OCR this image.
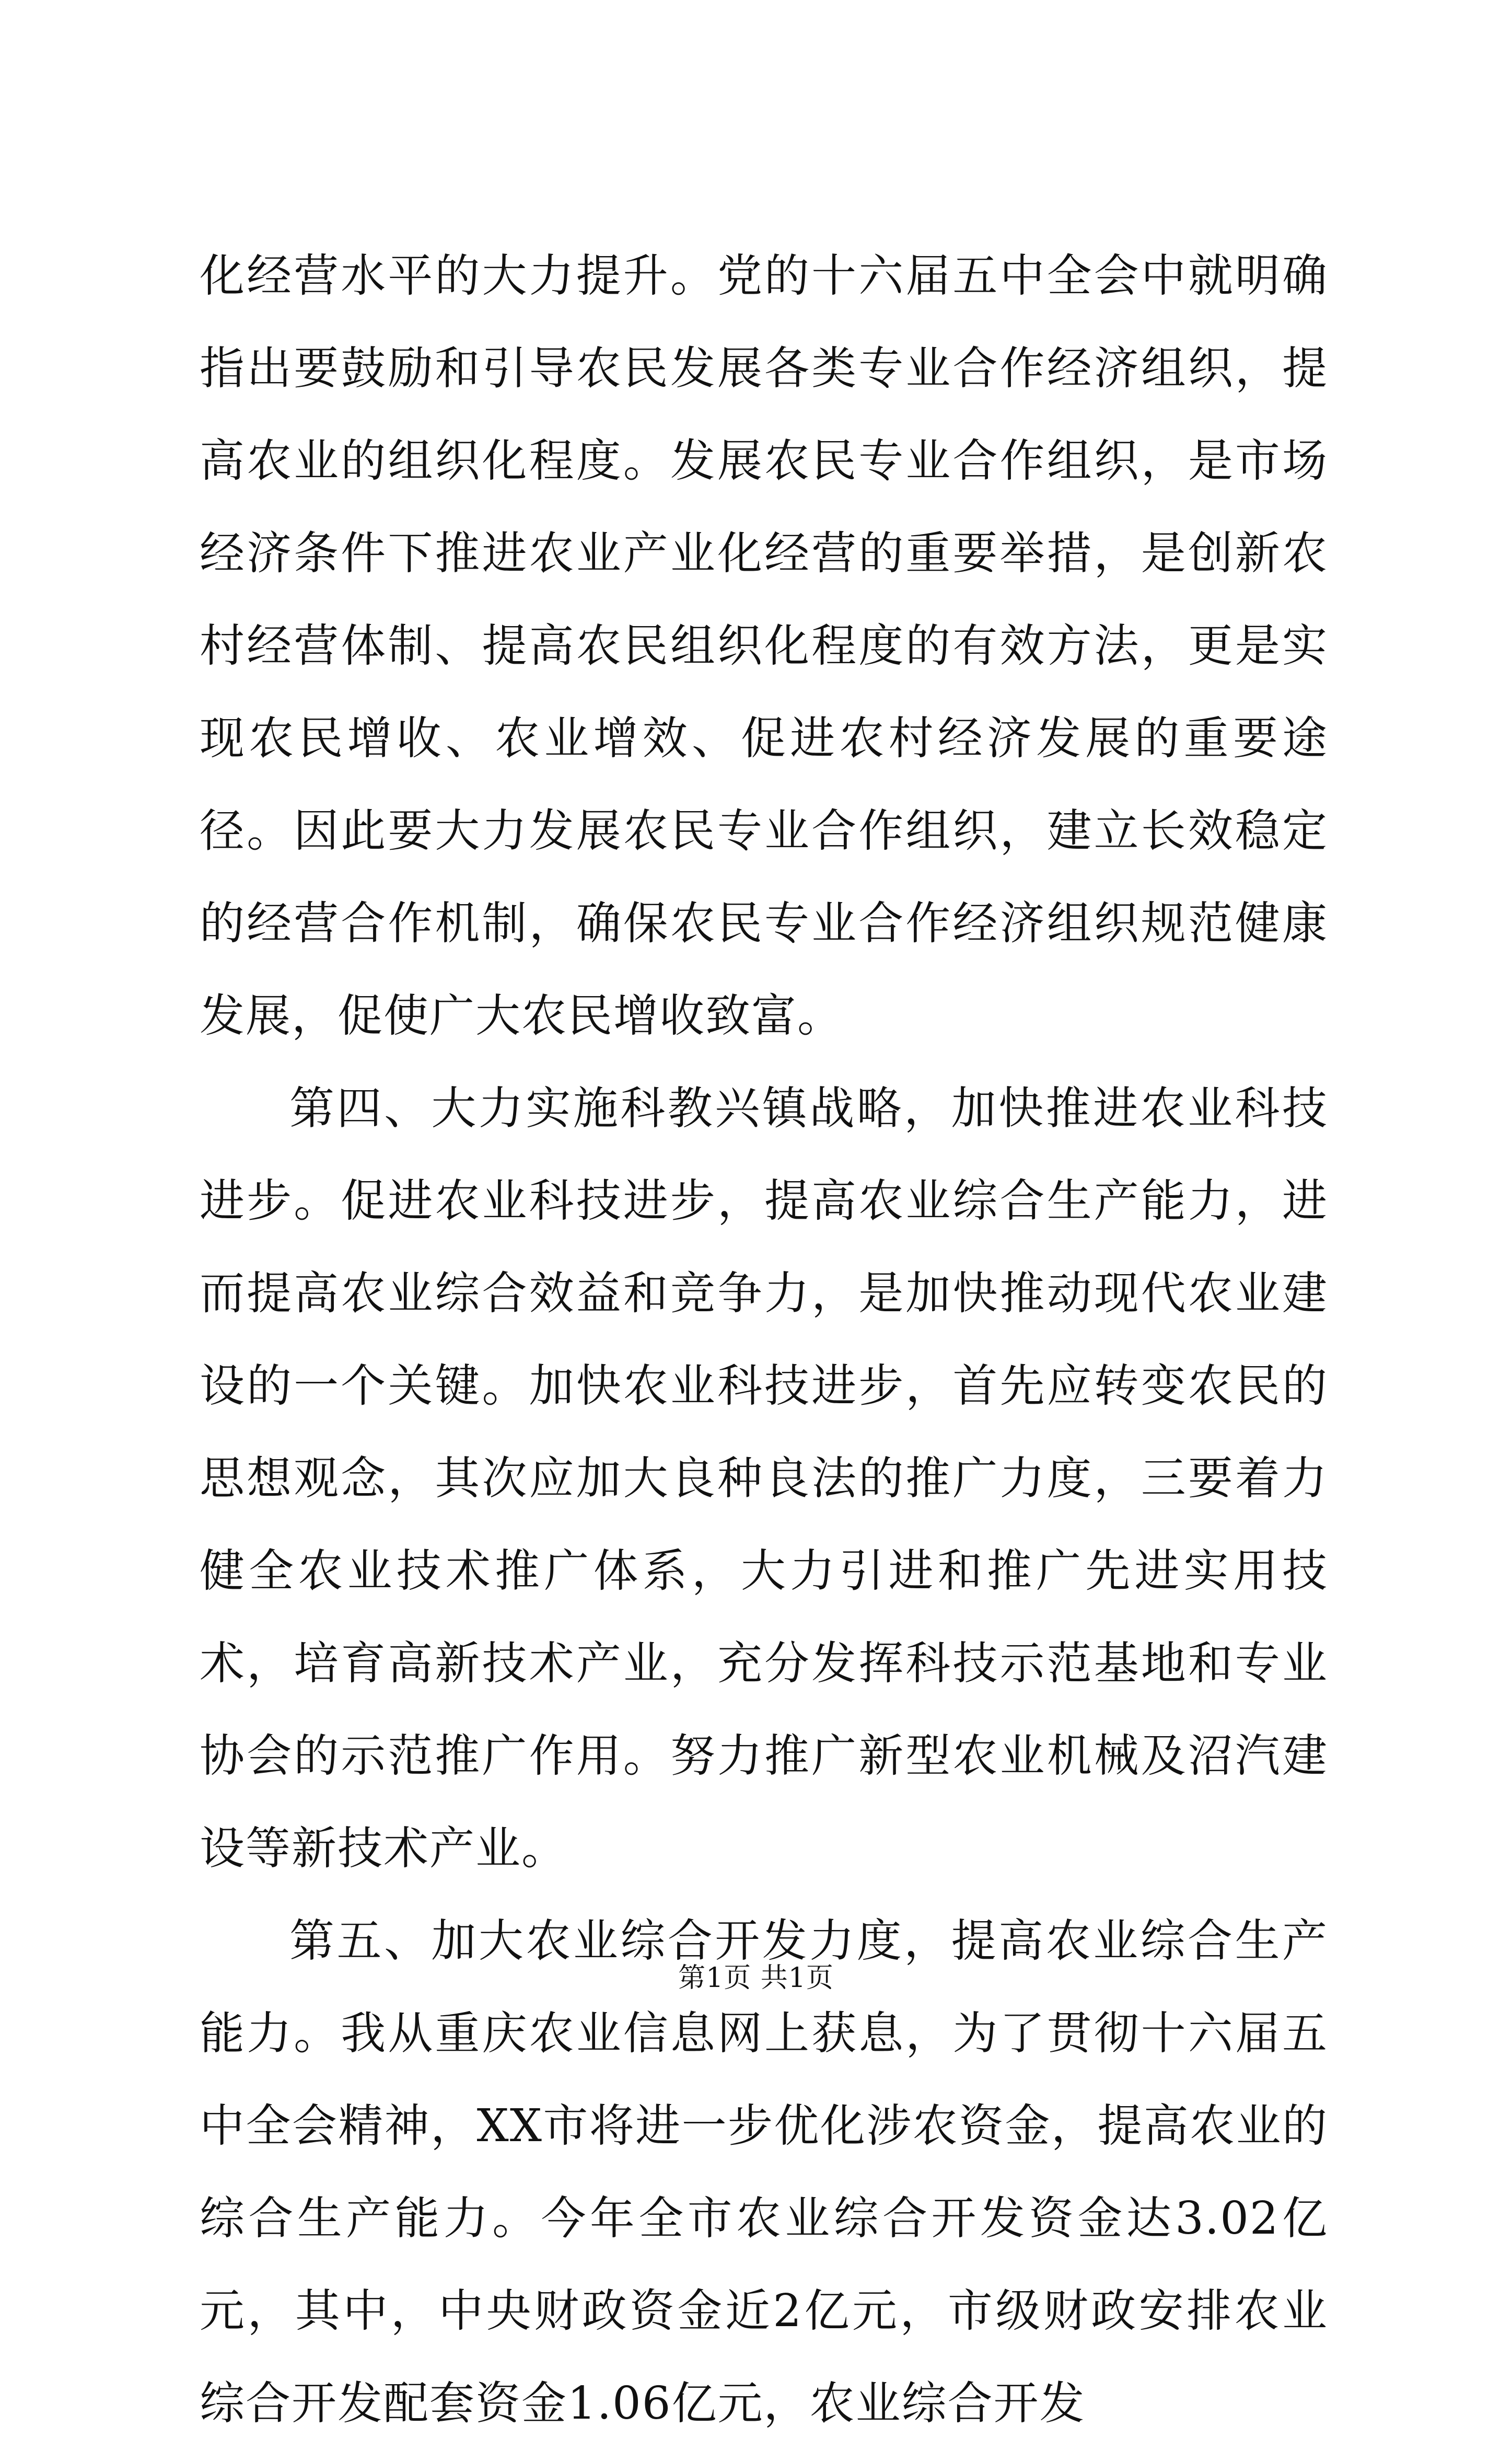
化经营水平的大力提升。党的十六届五中全会中就明确指出要鼓励和引导农民发展各类专业合作经济组织，提高农业的组织化程度。发展农民专业合作组织，是市场经济条件下推进农业产业化经营的重要举措，是创新农村经营体制、提高农民组织化程度的有效方法，更是实现农民增收、农业增效、促进农村经济发展的重要途径。因此要大力发展农民专业合作组织，建立长效稳定的经营合作机制，确保农民专业合作经济组织规范健康发展，促使广大农民增收致富。

第四、大力实施科教兴镇战略，加快推进农业科技进步。促进农业科技进步，提高农业综合生产能力，进而提高农业综合效益和竞争力，是加快推动现代农业建设的一个关键。加快农业科技进步，首先应转变农民的思想观念，其次应加大良种良法的推广力度，三要着力健全农业技术推广体系，大力引进和推广先进实用技术，培育高新技术产业，充分发挥科技示范基地和专业协会的示范推广作用。努力推广新型农业机械及沼汽建设等新技术产业。

第五、加大农业综合开发力度，提高农业综合生产能力。我从重庆农业信息网上获息，为了贯彻十六届五中全会精神，XX市将进一步优化涉农资金，提高农业的综合生产能力。今年全市农业综合开发资金达3.02亿元，其中，中央财政资金近2亿元，市级财政安排农业综合开发配套资金1.06亿元，农业综合开发

第1页 共1页
